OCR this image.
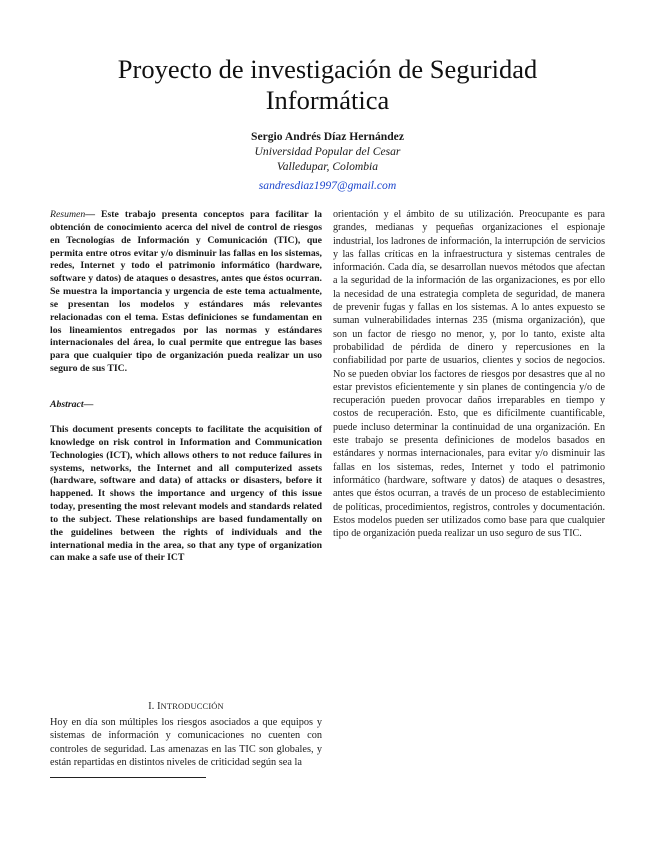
Proyecto de investigación de Seguridad
Informática
Sergio Andrés Díaz Hernández
Universidad Popular del Cesar
Valledupar, Colombia
sandresdiaz1997@gmail.com
Resumen— Este trabajo presenta conceptos para facilitar la obtención de conocimiento acerca del nivel de control de riesgos en Tecnologías de Información y Comunicación (TIC), que permita entre otros evitar y/o disminuir las fallas en los sistemas, redes, Internet y todo el patrimonio informático (hardware, software y datos) de ataques o desastres, antes que éstos ocurran. Se muestra la importancia y urgencia de este tema actualmente, se presentan los modelos y estándares más relevantes relacionadas con el tema. Estas definiciones se fundamentan en los lineamientos entregados por las normas y estándares internacionales del área, lo cual permite que entregue las bases para que cualquier tipo de organización pueda realizar un uso seguro de sus TIC.
Abstract—
This document presents concepts to facilitate the acquisition of knowledge on risk control in Information and Communication Technologies (ICT), which allows others to not reduce failures in systems, networks, the Internet and all computerized assets (hardware, software and data) of attacks or disasters, before it happened. It shows the importance and urgency of this issue today, presenting the most relevant models and standards related to the subject. These relationships are based fundamentally on the guidelines between the rights of individuals and the international media in the area, so that any type of organization can make a safe use of their ICT
I. INTRODUCCIÓN
Hoy en día son múltiples los riesgos asociados a que equipos y sistemas de información y comunicaciones no cuenten con controles de seguridad. Las amenazas en las TIC son globales, y están repartidas en distintos niveles de criticidad según sea la
orientación y el ámbito de su utilización. Preocupante es para grandes, medianas y pequeñas organizaciones el espionaje industrial, los ladrones de información, la interrupción de servicios y las fallas críticas en la infraestructura y sistemas centrales de información. Cada día, se desarrollan nuevos métodos que afectan a la seguridad de la información de las organizaciones, es por ello la necesidad de una estrategia completa de seguridad, de manera de prevenir fugas y fallas en los sistemas. A lo antes expuesto se suman vulnerabilidades internas 235 (misma organización), que son un factor de riesgo no menor, y, por lo tanto, existe alta probabilidad de pérdida de dinero y repercusiones en la confiabilidad por parte de usuarios, clientes y socios de negocios. No se pueden obviar los factores de riesgos por desastres que al no estar previstos eficientemente y sin planes de contingencia y/o de recuperación pueden provocar daños irreparables en tiempo y costos de recuperación. Esto, que es difícilmente cuantificable, puede incluso determinar la continuidad de una organización. En este trabajo se presenta definiciones de modelos basados en estándares y normas internacionales, para evitar y/o disminuir las fallas en los sistemas, redes, Internet y todo el patrimonio informático (hardware, software y datos) de ataques o desastres, antes que éstos ocurran, a través de un proceso de establecimiento de políticas, procedimientos, registros, controles y documentación. Estos modelos pueden ser utilizados como base para que cualquier tipo de organización pueda realizar un uso seguro de sus TIC.
